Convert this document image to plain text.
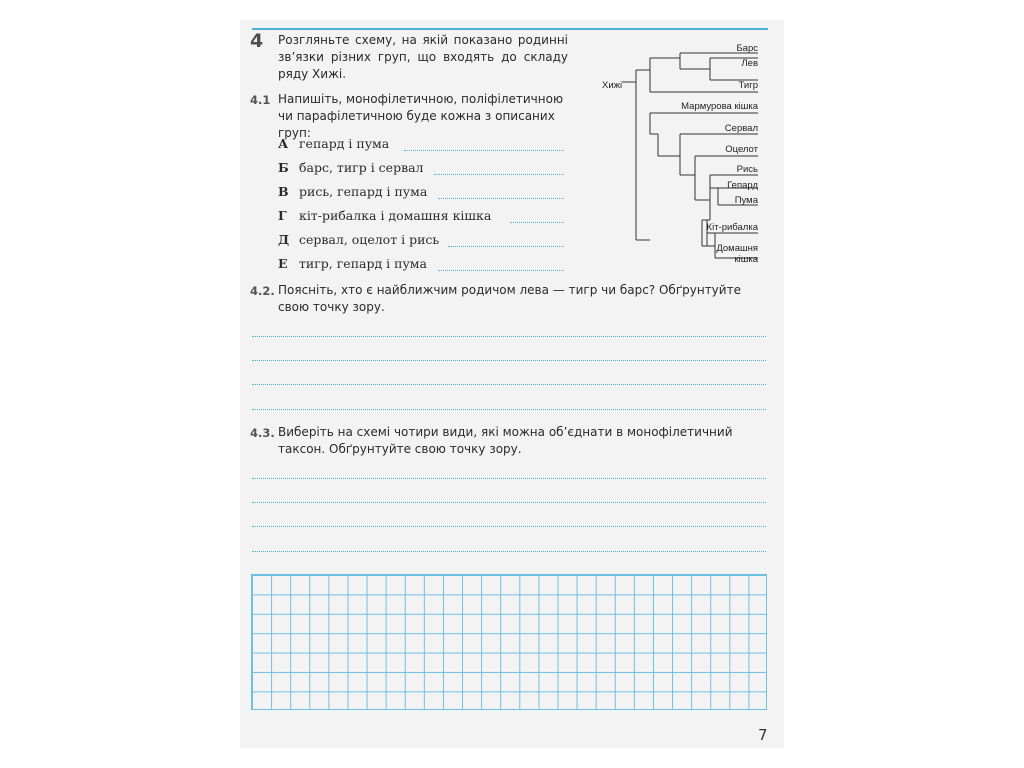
4 Розгляньте схему, на якій показано родинні зв’язки різних груп, що входять до складу ряду Хижі.
4.1 Напишіть, монофілетичною, поліфілетичною чи парафілетичною буде кожна з описаних груп:
А гепард і пума
Б барс, тигр і сервал
В рись, гепард і пума
Г кіт-рибалка і домашня кішка
Д сервал, оцелот і рись
Е тигр, гепард і пума
Хижі
Барс
Лев
Тигр
Мармурова кішка
Сервал
Оцелот
Рись
Гепард
Пума
Кіт-рибалка
Домашня
кішка
4.2. Поясніть, хто є найближчим родичом лева — тигр чи барс? Обґрунтуйте свою точку зору.
4.3. Виберіть на схемі чотири види, які можна об’єднати в монофілетичний таксон. Обґрунтуйте свою точку зору.
7
